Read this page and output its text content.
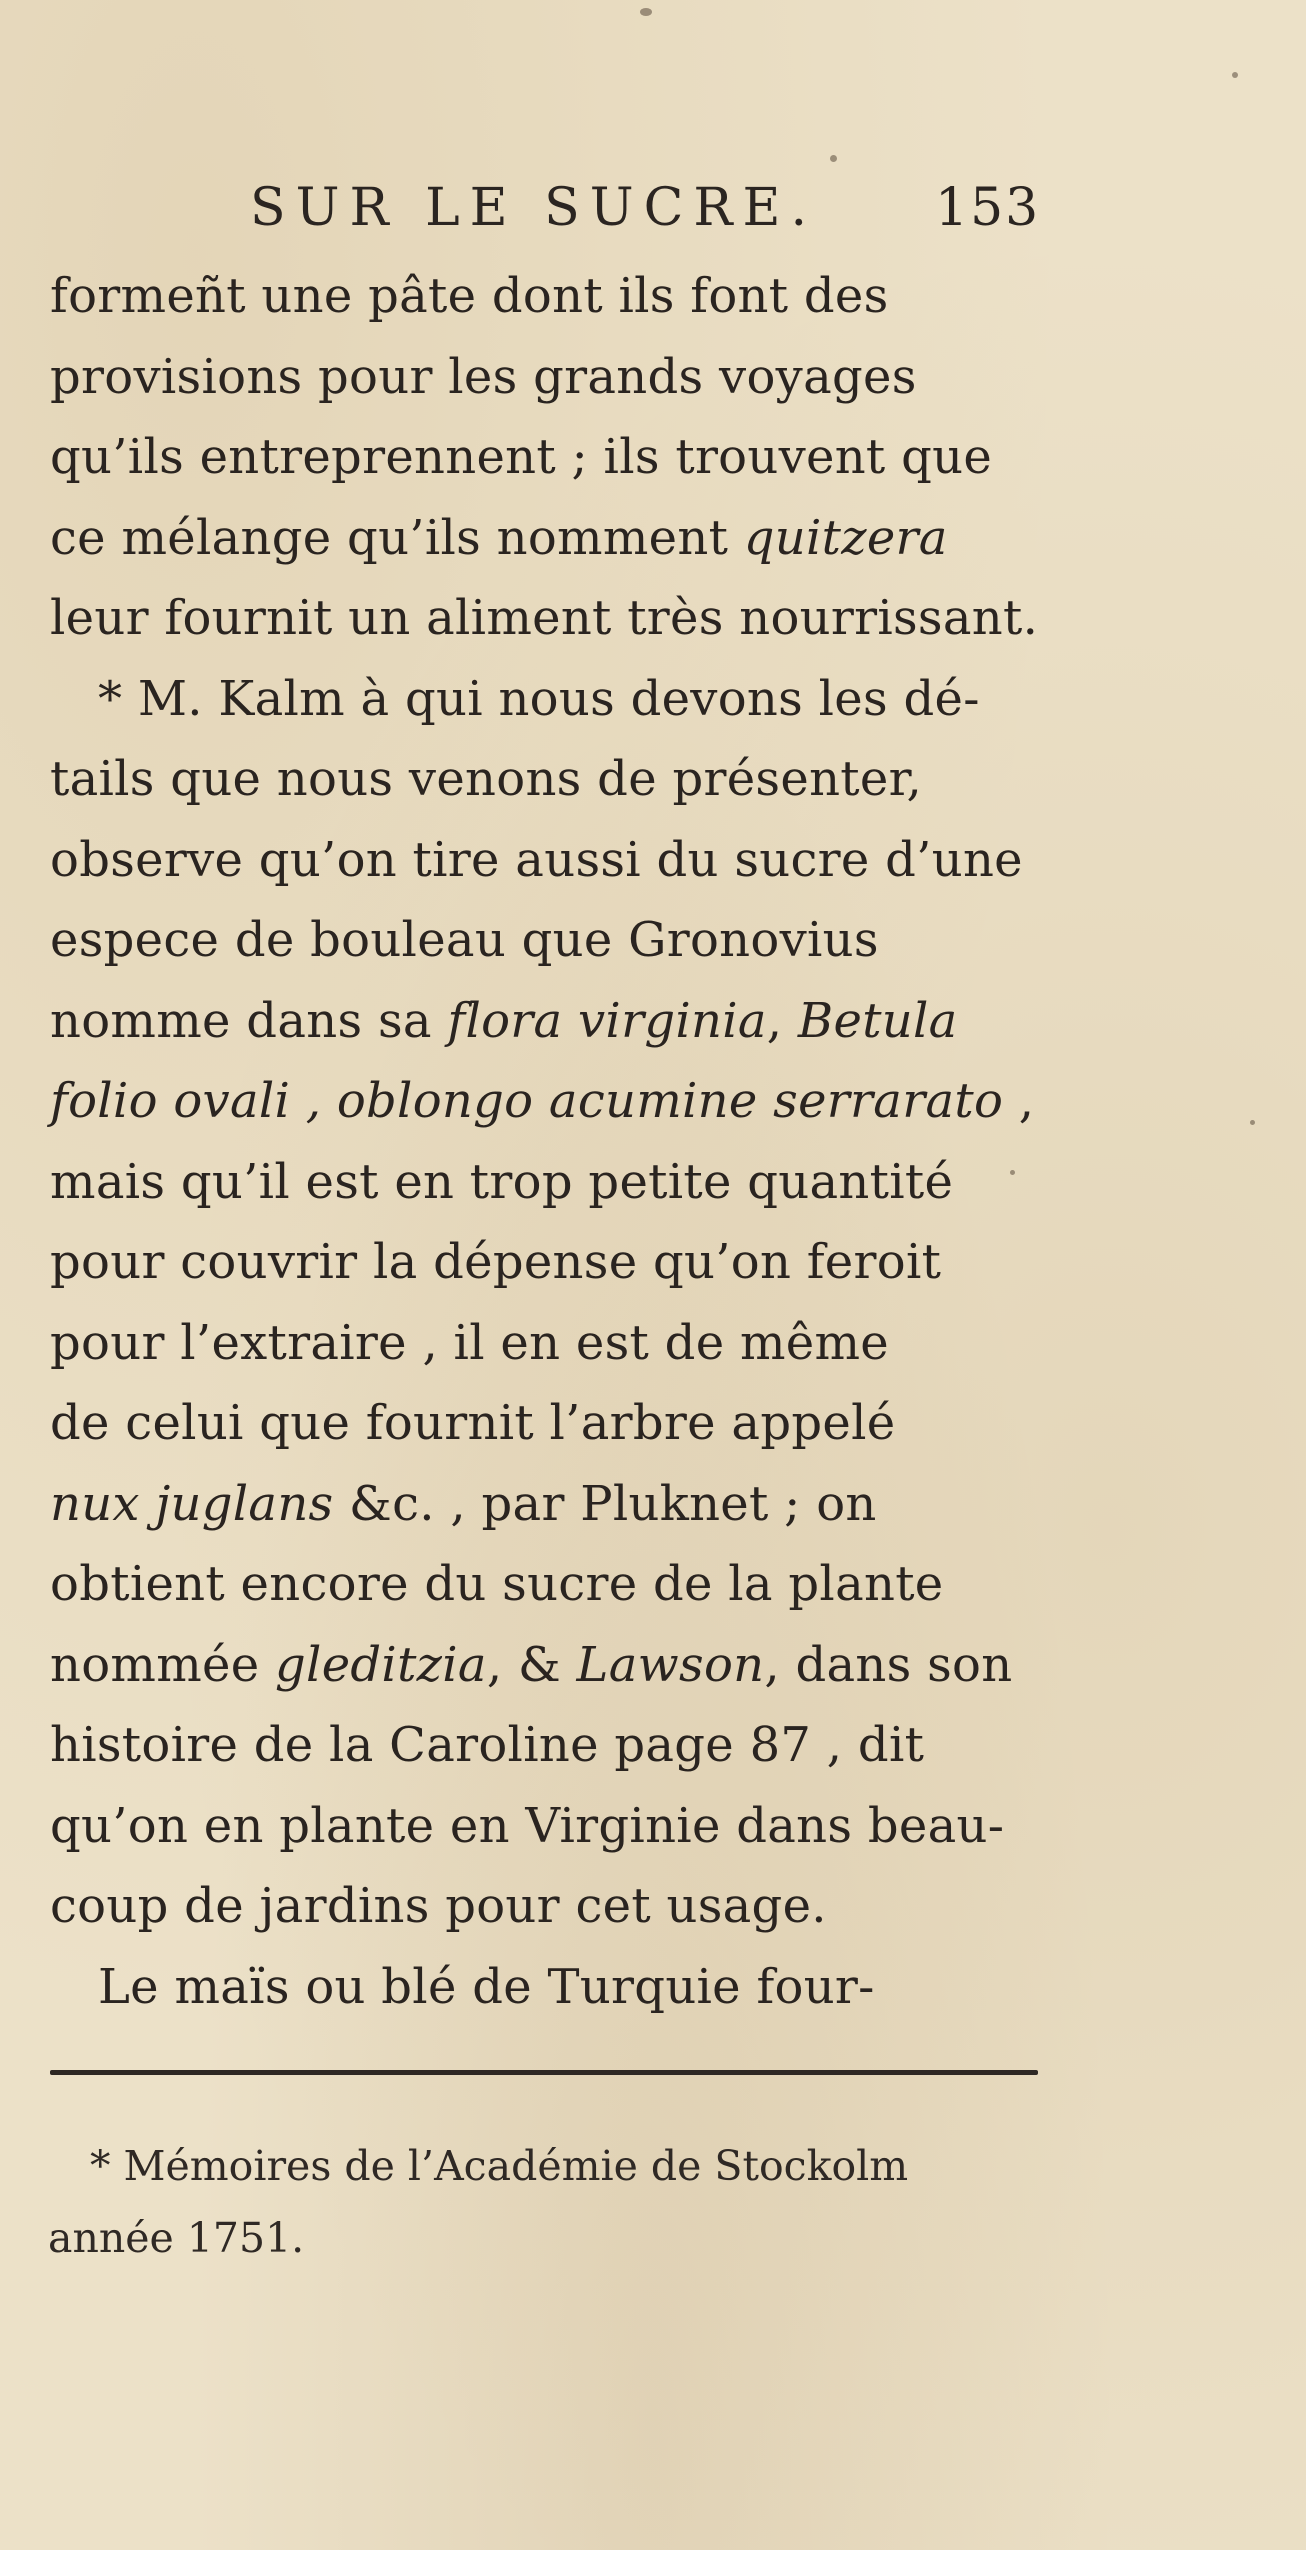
SUR LE SUCRE. 153
formeñt une pâte dont ils font des
provisions pour les grands voyages
qu’ils entreprennent ; ils trouvent que
ce mélange qu’ils nomment quitzera
leur fournit un aliment très nourrissant.
* M. Kalm à qui nous devons les dé-
tails que nous venons de présenter,
observe qu’on tire aussi du sucre d’une
espece de bouleau que Gronovius
nomme dans sa flora virginia, Betula
folio ovali , oblongo acumine serrarato ,
mais qu’il est en trop petite quantité
pour couvrir la dépense qu’on feroit
pour l’extraire , il en est de même
de celui que fournit l’arbre appelé
nux juglans &c. , par Pluknet ; on
obtient encore du sucre de la plante
nommée gleditzia, & Lawson, dans son
histoire de la Caroline page 87 , dit
qu’on en plante en Virginie dans beau-
coup de jardins pour cet usage.
Le maïs ou blé de Turquie four-
* Mémoires de l’Académie de Stockolm
année 1751.
